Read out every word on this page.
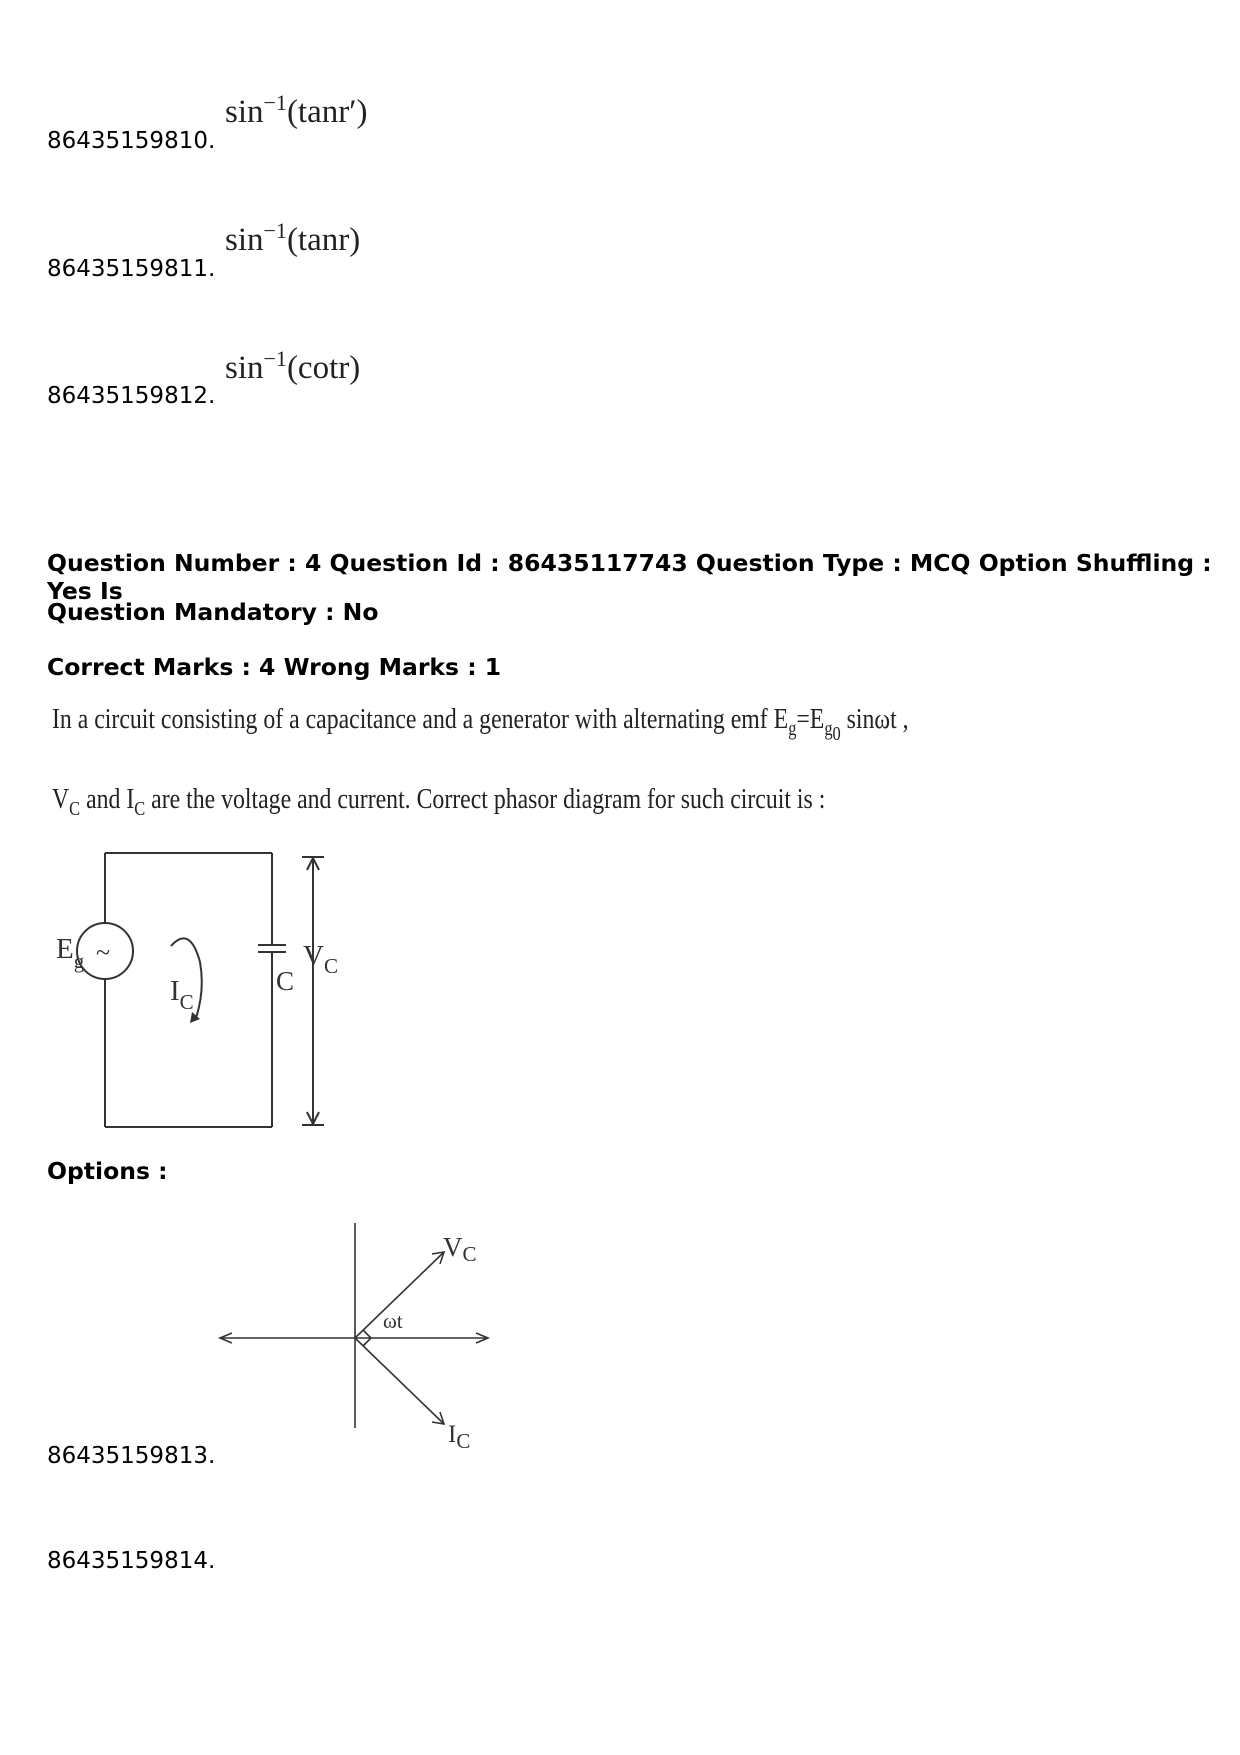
$\sin^{-1}(\tan r')$
86435159810.
$\sin^{-1}(\tan r)$
86435159811.
$\sin^{-1}(\cot r)$
86435159812.
Question Number : 4 Question Id : 86435117743 Question Type : MCQ Option Shuffling : Yes Is
Question Mandatory : No
Correct Marks : 4 Wrong Marks : 1
In a circuit consisting of a capacitance and a generator with alternating emf $E_g=E_{g_0}$ sinωt ,
$V_C$ and $I_C$ are the voltage and current. Correct phasor diagram for such circuit is :
~
$E_g$
$I_C$
C
$V_C$
Options :
VC
ωt
$I_C$
86435159813.
86435159814.
